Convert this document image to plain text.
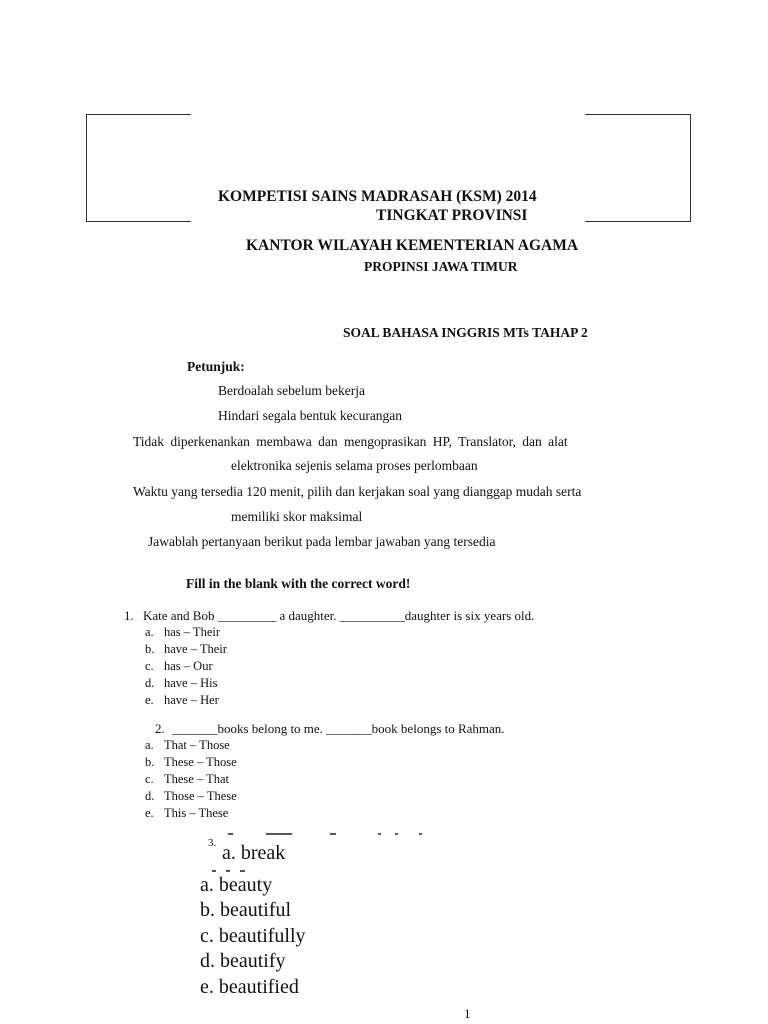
KOMPETISI SAINS MADRASAH (KSM) 2014
TINGKAT PROVINSI
KANTOR WILAYAH KEMENTERIAN AGAMA
PROPINSI JAWA TIMUR
SOAL BAHASA INGGRIS MTs TAHAP 2
Petunjuk:
Berdoalah sebelum bekerja
Hindari segala bentuk kecurangan
Tidak diperkenankan membawa dan mengoprasikan HP, Translator, dan alat
elektronika sejenis selama proses perlombaan
Waktu yang tersedia 120 menit, pilih dan kerjakan soal yang dianggap mudah serta
memiliki skor maksimal
Jawablah pertanyaan berikut pada lembar jawaban yang tersedia
Fill in the blank with the correct word!
1. Kate and Bob _________ a daughter. __________daughter is six years old.
a. has – Their
b. have – Their
c. has – Our
d. have – His
e. have – Her
2. _______books belong to me. _______book belongs to Rahman.
a. That – Those
b. These – Those
c. These – That
d. Those – These
e. This – These
3. a. break
a. beauty
b. beautiful
c. beautifully
d. beautify
e. beautified
1
